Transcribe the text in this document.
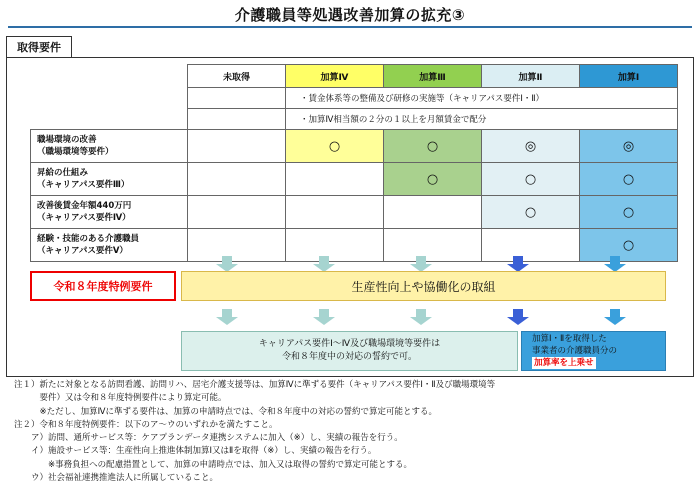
介護職員等処遇改善加算の拡充③
取得要件
	未取得	加算Ⅳ	加算Ⅲ	加算Ⅱ	加算Ⅰ
		・賃金体系等の整備及び研修の実施等（キャリアパス要件Ⅰ・Ⅱ）			
		・加算Ⅳ相当額の２分の１以上を月額賃金で配分			

職場環境の改善
（職場環境等要件）		○	○	◎	◎

昇給の仕組み
（キャリアパス要件Ⅲ）			○	○	○

改善後賃金年額440万円
（キャリアパス要件Ⅳ）				○	○

経験・技能のある介護職員
（キャリアパス要件Ⅴ）					○
令和８年度特例要件	生産性向上や協働化の取組
キャリアパス要件Ⅰ～Ⅳ及び職場環境等要件は
令和８年度中の対応の誓約で可。
加算Ⅰ・Ⅱを取得した
事業者の介護職員分の
加算率を上乗せ
注１）新たに対象となる訪問看護、訪問リハ、居宅介護支援等は、加算Ⅳに準ずる要件（キャリアパス要件Ⅰ・Ⅱ及び職場環境等
　　　要件）又は令和８年度特例要件により算定可能。
　　　※ただし、加算Ⅳに準ずる要件は、加算の申請時点では、令和８年度中の対応の誓約で算定可能とする。
注２）令和８年度特例要件：以下のア～ウのいずれかを満たすこと。
　　ア）訪問、通所サービス等：ケアプランデータ連携システムに加入（※）し、実績の報告を行う。
　　イ）施設サービス等：生産性向上推進体制加算Ⅰ又はⅡを取得（※）し、実績の報告を行う。
　　　　※事務負担への配慮措置として、加算の申請時点では、加入又は取得の誓約で算定可能とする。
　　ウ）社会福祉連携推進法人に所属していること。
